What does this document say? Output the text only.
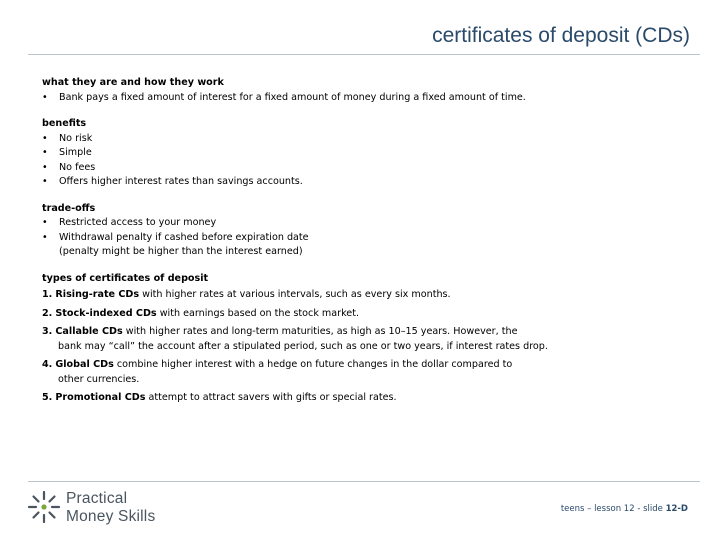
certificates of deposit (CDs)
what they are and how they work
• Bank pays a fixed amount of interest for a fixed amount of money during a fixed amount of time.
benefits
• No risk
• Simple
• No fees
• Offers higher interest rates than savings accounts.
trade-offs
• Restricted access to your money
• Withdrawal penalty if cashed before expiration date
(penalty might be higher than the interest earned)
types of certificates of deposit
1. Rising-rate CDs with higher rates at various intervals, such as every six months.
2. Stock-indexed CDs with earnings based on the stock market.
3. Callable CDs with higher rates and long-term maturities, as high as 10–15 years. However, the
bank may “call” the account after a stipulated period, such as one or two years, if interest rates drop.
4. Global CDs combine higher interest with a hedge on future changes in the dollar compared to
other currencies.
5. Promotional CDs attempt to attract savers with gifts or special rates.
Practical
Money Skills	teens – lesson 12 - slide 12-D
